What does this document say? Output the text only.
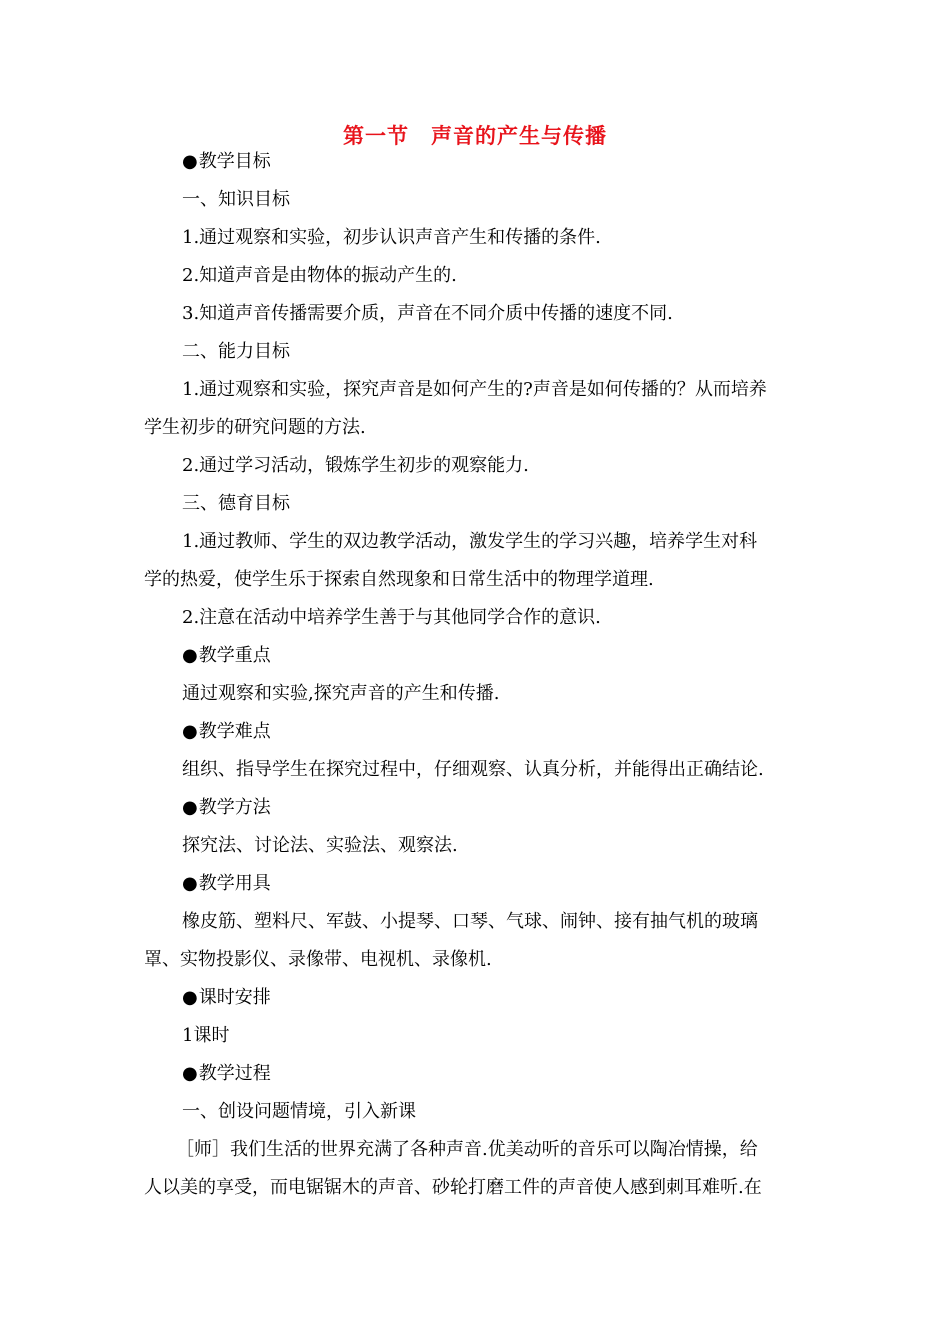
第一节 声音的产生与传播
●教学目标
一、知识目标
1.通过观察和实验，初步认识声音产生和传播的条件.
2.知道声音是由物体的振动产生的.
3.知道声音传播需要介质，声音在不同介质中传播的速度不同.
二、能力目标
1.通过观察和实验，探究声音是如何产生的?声音是如何传播的？从而培养
学生初步的研究问题的方法.
2.通过学习活动，锻炼学生初步的观察能力.
三、德育目标
1.通过教师、学生的双边教学活动，激发学生的学习兴趣，培养学生对科
学的热爱，使学生乐于探索自然现象和日常生活中的物理学道理.
2.注意在活动中培养学生善于与其他同学合作的意识.
●教学重点
通过观察和实验,探究声音的产生和传播.
●教学难点
组织、指导学生在探究过程中，仔细观察、认真分析，并能得出正确结论.
●教学方法
探究法、讨论法、实验法、观察法.
●教学用具
橡皮筋、塑料尺、军鼓、小提琴、口琴、气球、闹钟、接有抽气机的玻璃
罩、实物投影仪、录像带、电视机、录像机.
●课时安排
1课时
●教学过程
一、创设问题情境，引入新课
［师］我们生活的世界充满了各种声音.优美动听的音乐可以陶冶情操，给
人以美的享受，而电锯锯木的声音、砂轮打磨工件的声音使人感到刺耳难听.在
